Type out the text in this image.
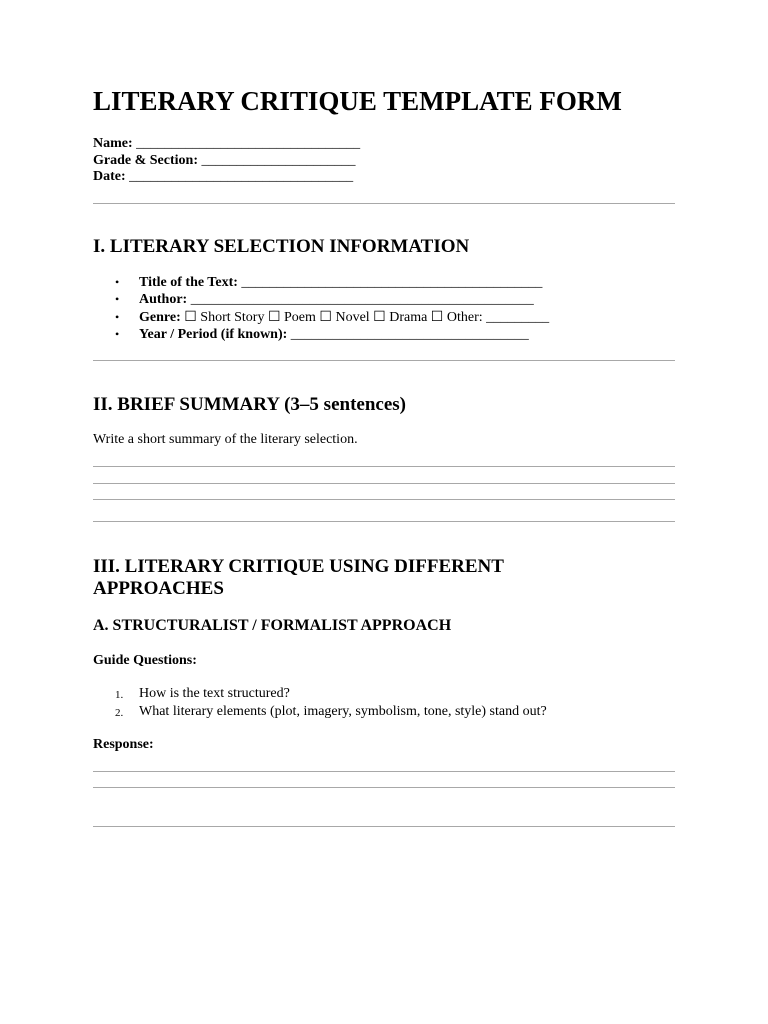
LITERARY CRITIQUE TEMPLATE FORM
Name: ________________________________
Grade & Section: ______________________
Date: ________________________________
I. LITERARY SELECTION INFORMATION
• Title of the Text: ___________________________________________
• Author: _________________________________________________
• Genre: ☐ Short Story ☐ Poem ☐ Novel ☐ Drama ☐ Other: _________
• Year / Period (if known): __________________________________
II. BRIEF SUMMARY (3–5 sentences)
Write a short summary of the literary selection.
III. LITERARY CRITIQUE USING DIFFERENT
APPROACHES
A. STRUCTURALIST / FORMALIST APPROACH
Guide Questions:
1. How is the text structured?
2. What literary elements (plot, imagery, symbolism, tone, style) stand out?
Response:
